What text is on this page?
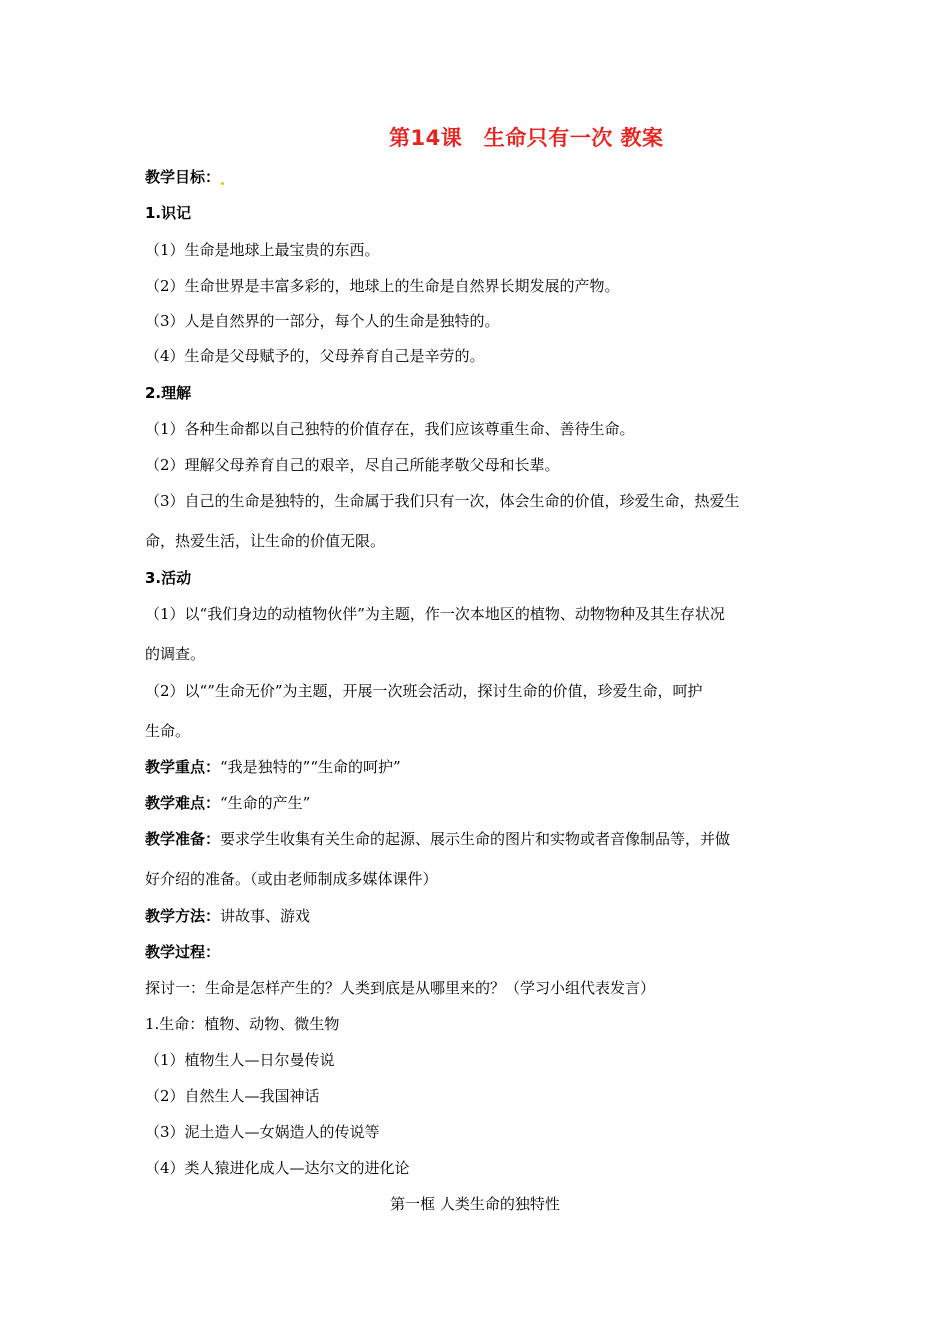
第14课　生命只有一次 教案
教学目标：
1.识记
（1）生命是地球上最宝贵的东西。
（2）生命世界是丰富多彩的，地球上的生命是自然界长期发展的产物。
（3）人是自然界的一部分，每个人的生命是独特的。
（4）生命是父母赋予的，父母养育自己是辛劳的。
2.理解
（1）各种生命都以自己独特的价值存在，我们应该尊重生命、善待生命。
（2）理解父母养育自己的艰辛，尽自己所能孝敬父母和长辈。
（3）自己的生命是独特的，生命属于我们只有一次，体会生命的价值，珍爱生命，热爱生
命，热爱生活，让生命的价值无限。
3.活动
（1）以“我们身边的动植物伙伴”为主题，作一次本地区的植物、动物物种及其生存状况
的调查。
（2）以“”生命无价”为主题，开展一次班会活动，探讨生命的价值，珍爱生命，呵护
生命。
教学重点：“我是独特的”“生命的呵护”
教学难点：“生命的产生”
教学准备：要求学生收集有关生命的起源、展示生命的图片和实物或者音像制品等，并做
好介绍的准备。（或由老师制成多媒体课件）
教学方法：讲故事、游戏
教学过程：
探讨一：生命是怎样产生的？人类到底是从哪里来的？（学习小组代表发言）
1.生命：植物、动物、微生物
（1）植物生人—日尔曼传说
（2）自然生人—我国神话
（3）泥土造人—女娲造人的传说等
（4）类人猿进化成人—达尔文的进化论
第一框 人类生命的独特性
